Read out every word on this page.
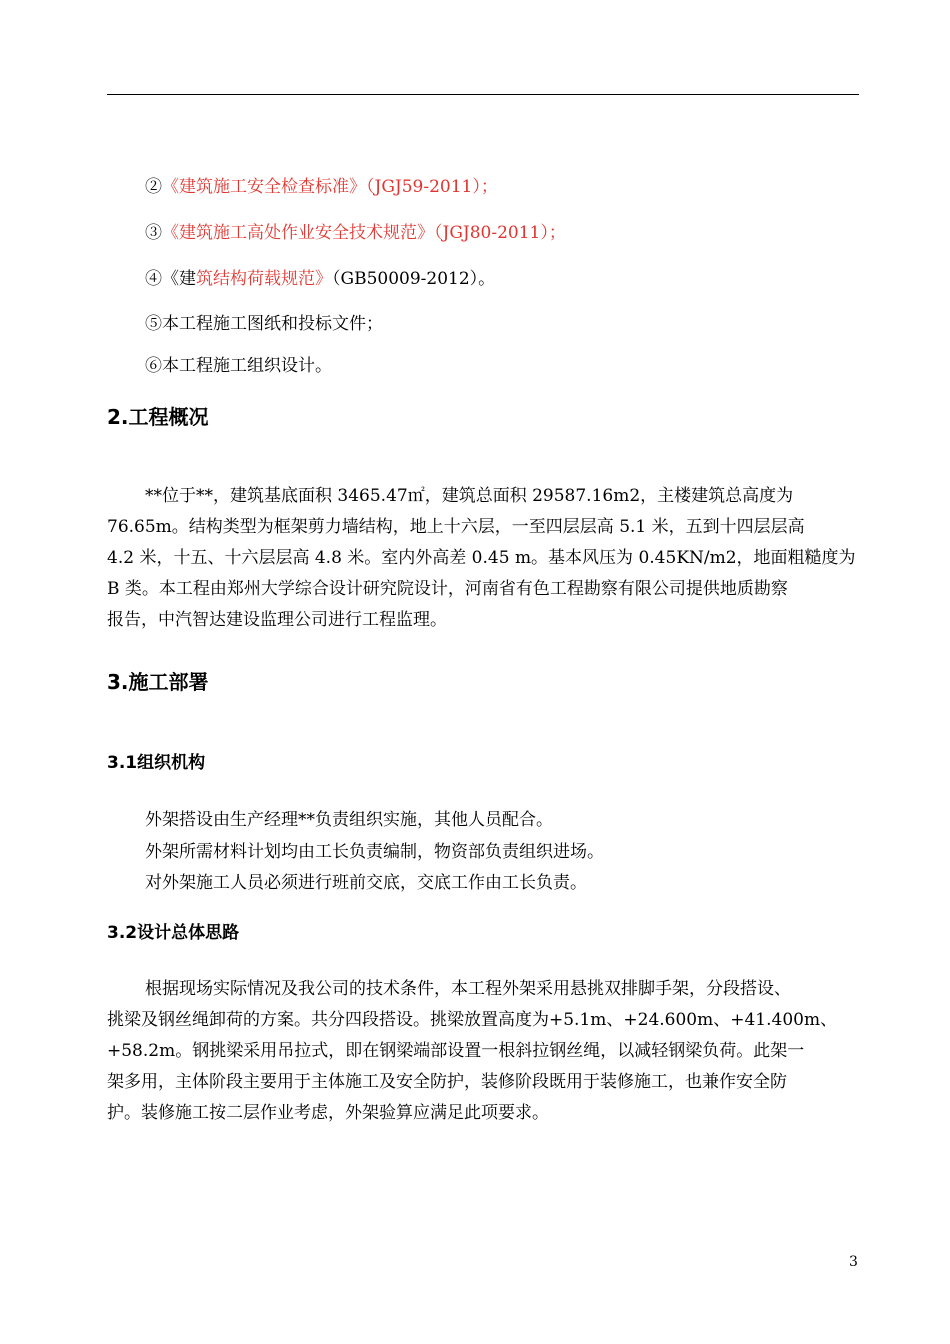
②《建筑施工安全检查标准》（JGJ59-2011）；
③《建筑施工高处作业安全技术规范》（JGJ80-2011）；
④《建筑结构荷载规范》（GB50009-2012）。
⑤本工程施工图纸和投标文件；
⑥本工程施工组织设计。
2.工程概况
**位于**，建筑基底面积 3465.47㎡，建筑总面积 29587.16m2，主楼建筑总高度为
76.65m。结构类型为框架剪力墙结构，地上十六层，一至四层层高 5.1 米，五到十四层层高
4.2 米，十五、十六层层高 4.8 米。室内外高差 0.45 m。基本风压为 0.45KN/m2，地面粗糙度为
B 类。本工程由郑州大学综合设计研究院设计，河南省有色工程勘察有限公司提供地质勘察
报告，中汽智达建设监理公司进行工程监理。
3.施工部署
3.1组织机构
外架搭设由生产经理**负责组织实施，其他人员配合。
外架所需材料计划均由工长负责编制，物资部负责组织进场。
对外架施工人员必须进行班前交底，交底工作由工长负责。
3.2设计总体思路
根据现场实际情况及我公司的技术条件，本工程外架采用悬挑双排脚手架，分段搭设、
挑梁及钢丝绳卸荷的方案。共分四段搭设。挑梁放置高度为+5.1m、+24.600m、+41.400m、
+58.2m。钢挑梁采用吊拉式，即在钢梁端部设置一根斜拉钢丝绳，以减轻钢梁负荷。此架一
架多用，主体阶段主要用于主体施工及安全防护，装修阶段既用于装修施工，也兼作安全防
护。装修施工按二层作业考虑，外架验算应满足此项要求。
3
